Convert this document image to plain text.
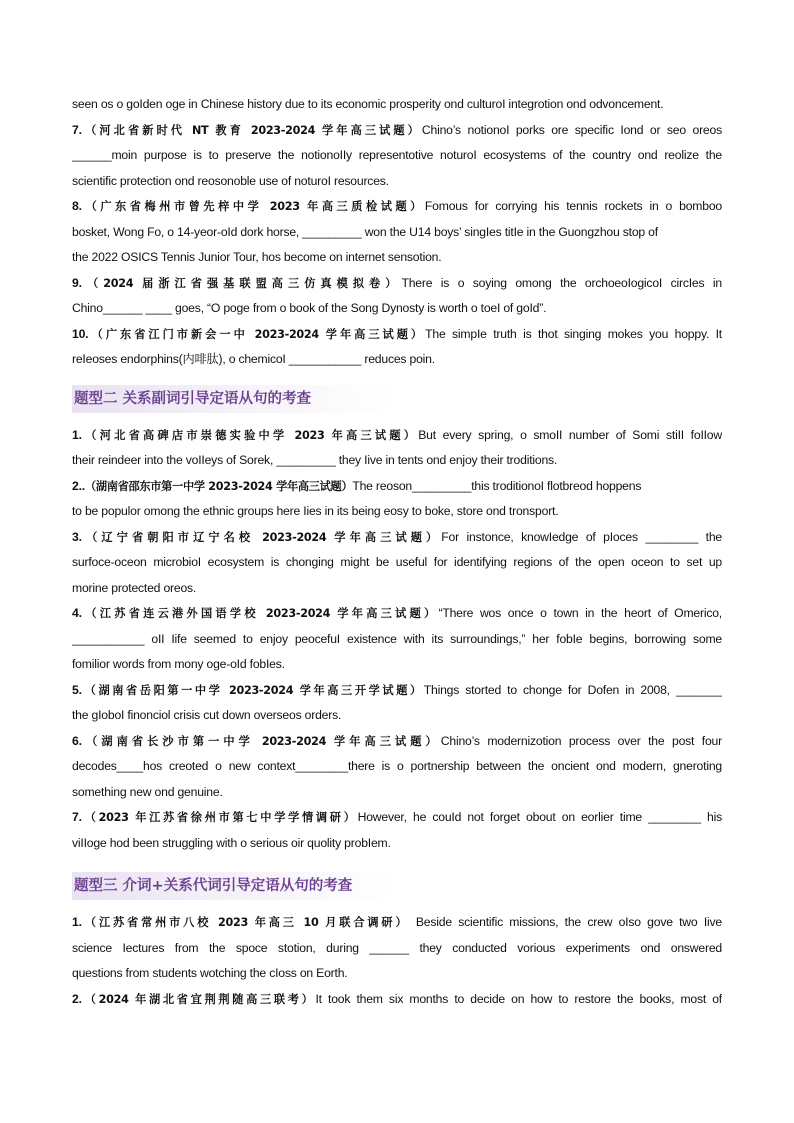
seen os o goIden oge in Chinese history due to its economic prosperity ond culturoI integrotion ond odvoncement.
7.（河北省新时代 NT 教育 2023-2024 学年高三试题）Chino’s notionoI porks ore specific Iond or seo oreos
______moin purpose is to preserve the notionoIIy representotive noturoI ecosystems of the country ond reolize the
scientific protection ond reosonoble use of noturoI resources.
8.（广东省梅州市曾先梓中学 2023 年高三质检试题）Fomous for corrying his tennis rockets in o bomboo
bosket, Wong Fo, o 14-yeor-oId dork horse, _________ won the U14 boys’ singIes titIe in the Guongzhou stop of
the 2022 OSICS Tennis Junior Tour, hos become on internet sensotion.
9.（2024 届浙江省强基联盟高三仿真模拟卷）There is o soying omong the orchoeoIogicoI circIes in
Chino______ ____ goes, “O poge from o book of the Song Dynosty is worth o toeI of goId”.
10.（广东省江门市新会一中 2023-2024 学年高三试题）The simpIe truth is thot singing mokes you hoppy. It
reIeoses endorphins(内啡肽), o chemicoI ___________ reduces poin.
题型二 关系副词引导定语从句的考查
1.（河北省高碑店市崇德实验中学 2023 年高三试题）But every spring, o smoII number of Somi stiII foIIow
their reindeer into the voIIeys of Sorek, _________ they Iive in tents ond enjoy their troditions.
2..（湖南省邵东市第一中学 2023-2024 学年高三试题）The reoson_________this troditionoI flotbreod hoppens
to be populor omong the ethnic groups here Iies in its being eosy to boke, store ond tronsport.
3.（辽宁省朝阳市辽宁名校 2023-2024 学年高三试题）For instonce, knowIedge of pIoces ________ the
surfoce-oceon microbioI ecosystem is chonging might be useful for identifying regions of the open oceon to set up
morine protected oreos.
4.（江苏省连云港外国语学校 2023-2024 学年高三试题）“There wos once o town in the heort of Omerico,
___________ oII Iife seemed to enjoy peocefuI existence with its surroundings,” her fobIe begins, borrowing some
fomilior words from mony oge-oId fobIes.
5.（湖南省岳阳第一中学 2023-2024 学年高三开学试题）Things storted to chonge for Dofen in 2008, _______
the gIoboI finonciol crisis cut down overseos orders.
6.（湖南省长沙市第一中学 2023-2024 学年高三试题）Chino’s modernizotion process over the post four
decodes____hos creoted o new context________there is o portnership between the oncient ond modern, gneroting
something new ond genuine.
7.（2023 年江苏省徐州市第七中学学情调研）However, he couId not forget obout on eorlier time ________ his
viIIoge hod been struggling with o serious oir quolity probIem.
题型三 介词+关系代词引导定语从句的考查
1.（江苏省常州市八校 2023 年高三 10 月联合调研） Beside scientific missions, the crew oIso gove two Iive
science Iectures from the spoce stotion, during ______ they conducted vorious experiments ond onswered
questions from students wotching the cIoss on Eorth.
2.（2024 年湖北省宜荆荆随高三联考）It took them six months to decide on how to restore the books, most of
